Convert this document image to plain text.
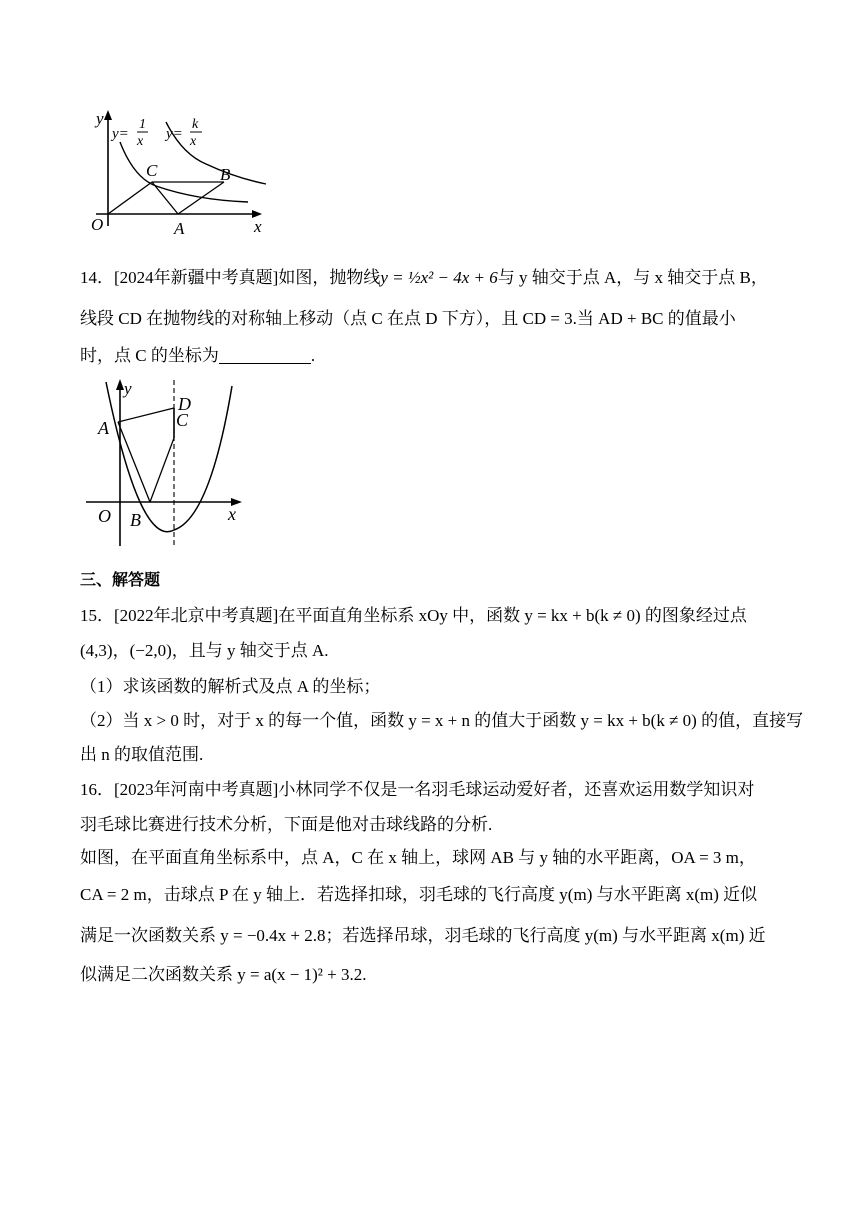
y
x
O
y=
1
x y=
k
x
C	B
A
14．[2024年新疆中考真题]如图，抛物线y = ½x² − 4x + 6与 y 轴交于点 A，与 x 轴交于点 B，
线段 CD 在抛物线的对称轴上移动（点 C 在点 D 下方），且 CD = 3.当 AD + BC 的值最小
时，点 C 的坐标为	.
y
x
O
A
B
C
D
三、解答题
15．[2022年北京中考真题]在平面直角坐标系 xOy 中，函数 y = kx + b(k ≠ 0) 的图象经过点
(4,3)，(−2,0)，且与 y 轴交于点 A.
（1）求该函数的解析式及点 A 的坐标；
（2）当 x > 0 时，对于 x 的每一个值，函数 y = x + n 的值大于函数 y = kx + b(k ≠ 0) 的值，直接写
出 n 的取值范围.
16．[2023年河南中考真题]小林同学不仅是一名羽毛球运动爱好者，还喜欢运用数学知识对
羽毛球比赛进行技术分析，下面是他对击球线路的分析.
如图，在平面直角坐标系中，点 A，C 在 x 轴上，球网 AB 与 y 轴的水平距离，OA = 3 m，
CA = 2 m，击球点 P 在 y 轴上．若选择扣球，羽毛球的飞行高度 y(m) 与水平距离 x(m) 近似
满足一次函数关系 y = −0.4x + 2.8；若选择吊球，羽毛球的飞行高度 y(m) 与水平距离 x(m) 近
似满足二次函数关系 y = a(x − 1)² + 3.2.
